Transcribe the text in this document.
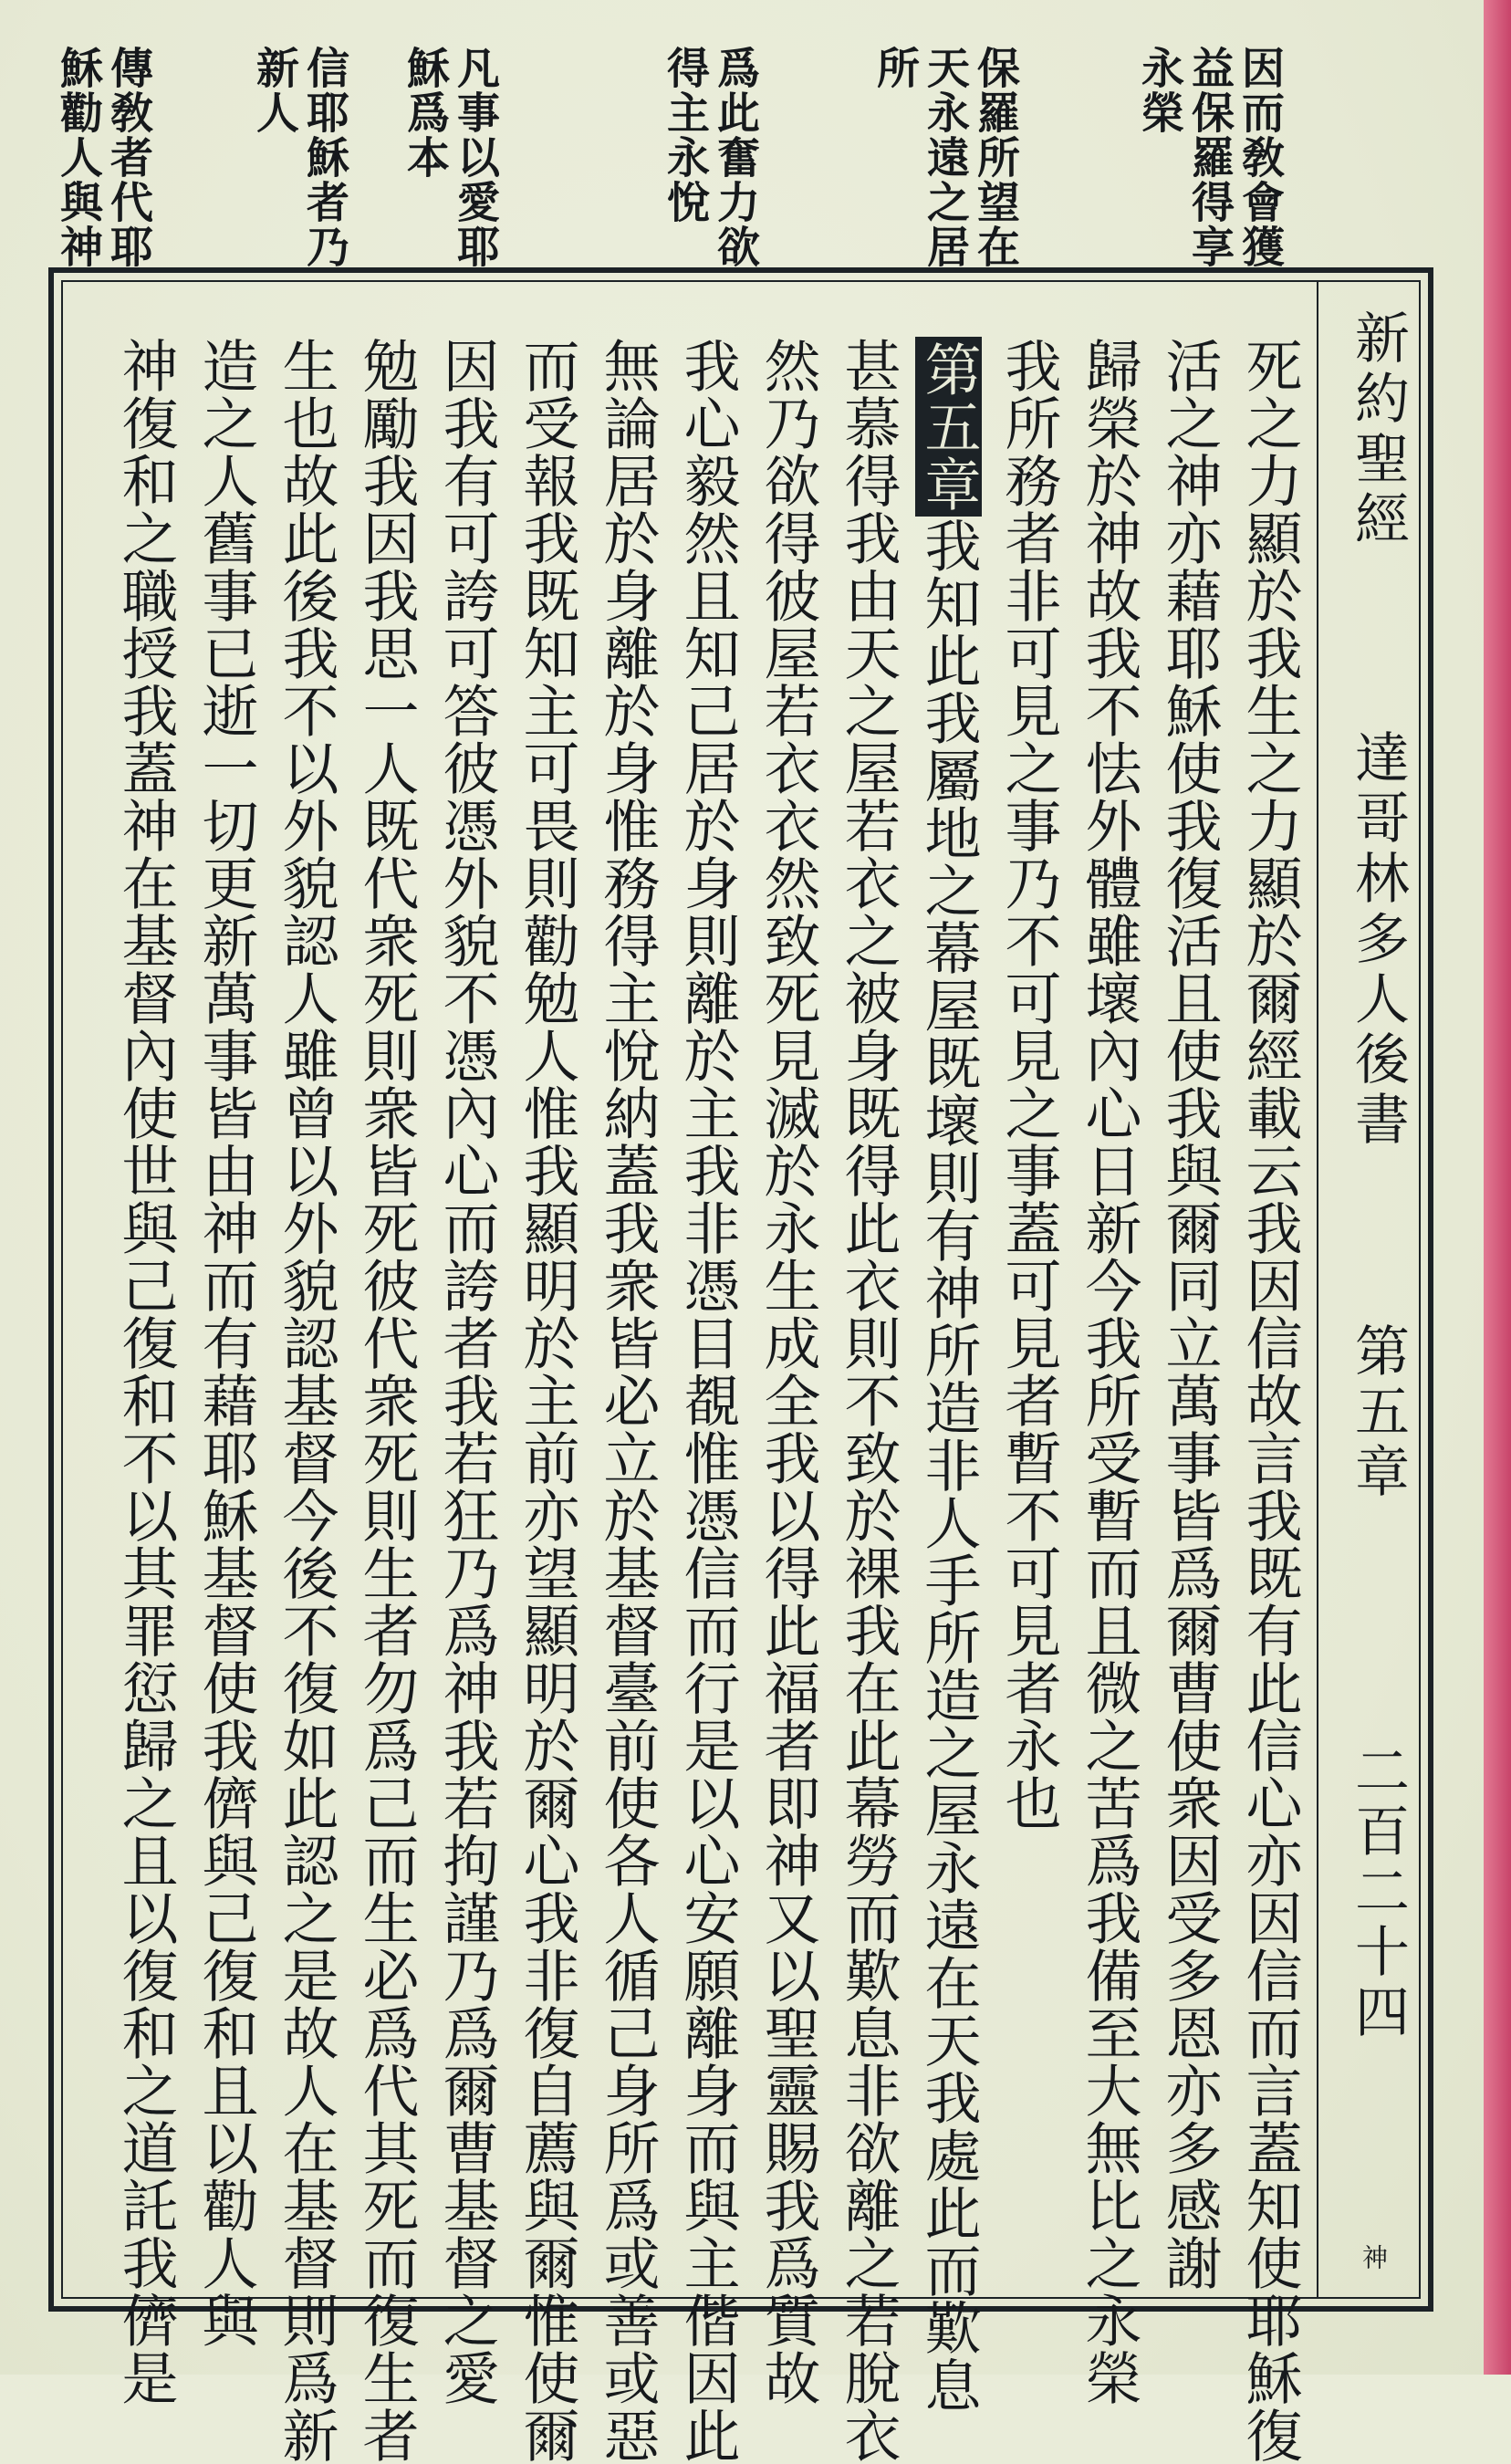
因而敎會獲
益保羅得享
永榮
保羅所望在
天永遠之居
所
爲此奮力欲
得主永悅
凡事以愛耶
穌爲本
信耶穌者乃
新人
傳敎者代耶
穌勸人與神
新約聖經
達哥林多人後書
第五章
二百二十四
神
死之力顯於我生之力顯於爾經載云我因信故言我既有此信心亦因信而言蓋知使耶穌復
活之神亦藉耶穌使我復活且使我與爾同立萬事皆爲爾曹使衆因受多恩亦多感謝
歸榮於神故我不怯外體雖壞內心日新今我所受暫而且微之苦爲我備至大無比之永榮
我所務者非可見之事乃不可見之事蓋可見者暫不可見者永也
第五章我知此我屬地之幕屋既壞則有神所造非人手所造之屋永遠在天我處此而歎息
甚慕得我由天之屋若衣之被身既得此衣則不致於裸我在此幕勞而歎息非欲離之若脫衣
然乃欲得彼屋若衣衣然致死見滅於永生成全我以得此福者即神又以聖靈賜我爲質故
我心毅然且知己居於身則離於主我非憑目覩惟憑信而行是以心安願離身而與主偕因此
無論居於身離於身惟務得主悅納蓋我衆皆必立於基督臺前使各人循己身所爲或善或惡
而受報我既知主可畏則勸勉人惟我顯明於主前亦望顯明於爾心我非復自薦與爾惟使爾
因我有可誇可答彼憑外貌不憑內心而誇者我若狂乃爲神我若拘謹乃爲爾曹基督之愛
勉勵我因我思一人既代衆死則衆皆死彼代衆死則生者勿爲己而生必爲代其死而復生者
生也故此後我不以外貌認人雖曾以外貌認基督今後不復如此認之是故人在基督則爲新
造之人舊事已逝一切更新萬事皆由神而有藉耶穌基督使我儕與己復和且以勸人與
神復和之職授我蓋神在基督內使世與己復和不以其罪愆歸之且以復和之道託我儕是
